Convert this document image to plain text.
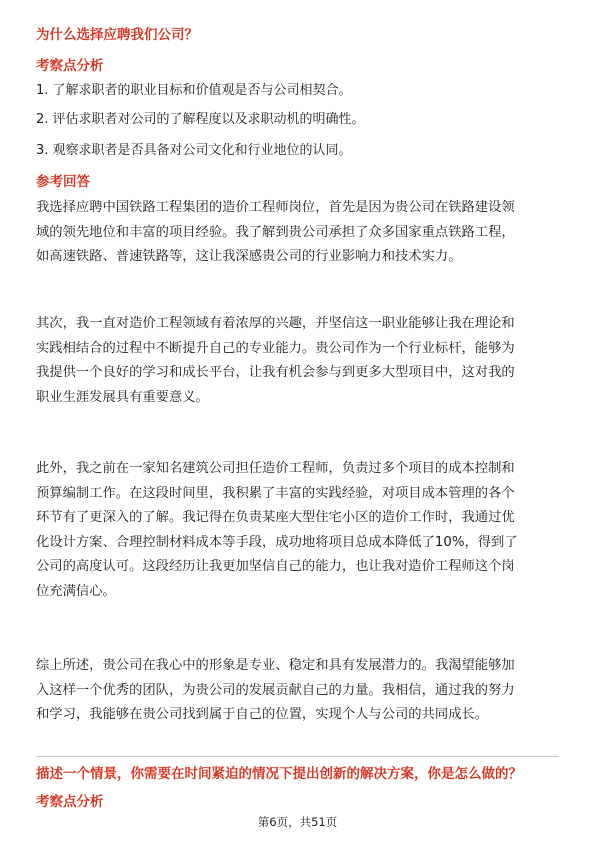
为什么选择应聘我们公司？
考察点分析
1. 了解求职者的职业目标和价值观是否与公司相契合。
2. 评估求职者对公司的了解程度以及求职动机的明确性。
3. 观察求职者是否具备对公司文化和行业地位的认同。
参考回答
我选择应聘中国铁路工程集团的造价工程师岗位，首先是因为贵公司在铁路建设领
域的领先地位和丰富的项目经验。我了解到贵公司承担了众多国家重点铁路工程，
如高速铁路、普速铁路等，这让我深感贵公司的行业影响力和技术实力。
其次，我一直对造价工程领域有着浓厚的兴趣，并坚信这一职业能够让我在理论和
实践相结合的过程中不断提升自己的专业能力。贵公司作为一个行业标杆，能够为
我提供一个良好的学习和成长平台，让我有机会参与到更多大型项目中，这对我的
职业生涯发展具有重要意义。
此外，我之前在一家知名建筑公司担任造价工程师，负责过多个项目的成本控制和
预算编制工作。在这段时间里，我积累了丰富的实践经验，对项目成本管理的各个
环节有了更深入的了解。我记得在负责某座大型住宅小区的造价工作时，我通过优
化设计方案、合理控制材料成本等手段，成功地将项目总成本降低了10%，得到了
公司的高度认可。这段经历让我更加坚信自己的能力，也让我对造价工程师这个岗
位充满信心。
综上所述，贵公司在我心中的形象是专业、稳定和具有发展潜力的。我渴望能够加
入这样一个优秀的团队，为贵公司的发展贡献自己的力量。我相信，通过我的努力
和学习，我能够在贵公司找到属于自己的位置，实现个人与公司的共同成长。
描述一个情景，你需要在时间紧迫的情况下提出创新的解决方案，你是怎么做的？
考察点分析
第6页，共51页
